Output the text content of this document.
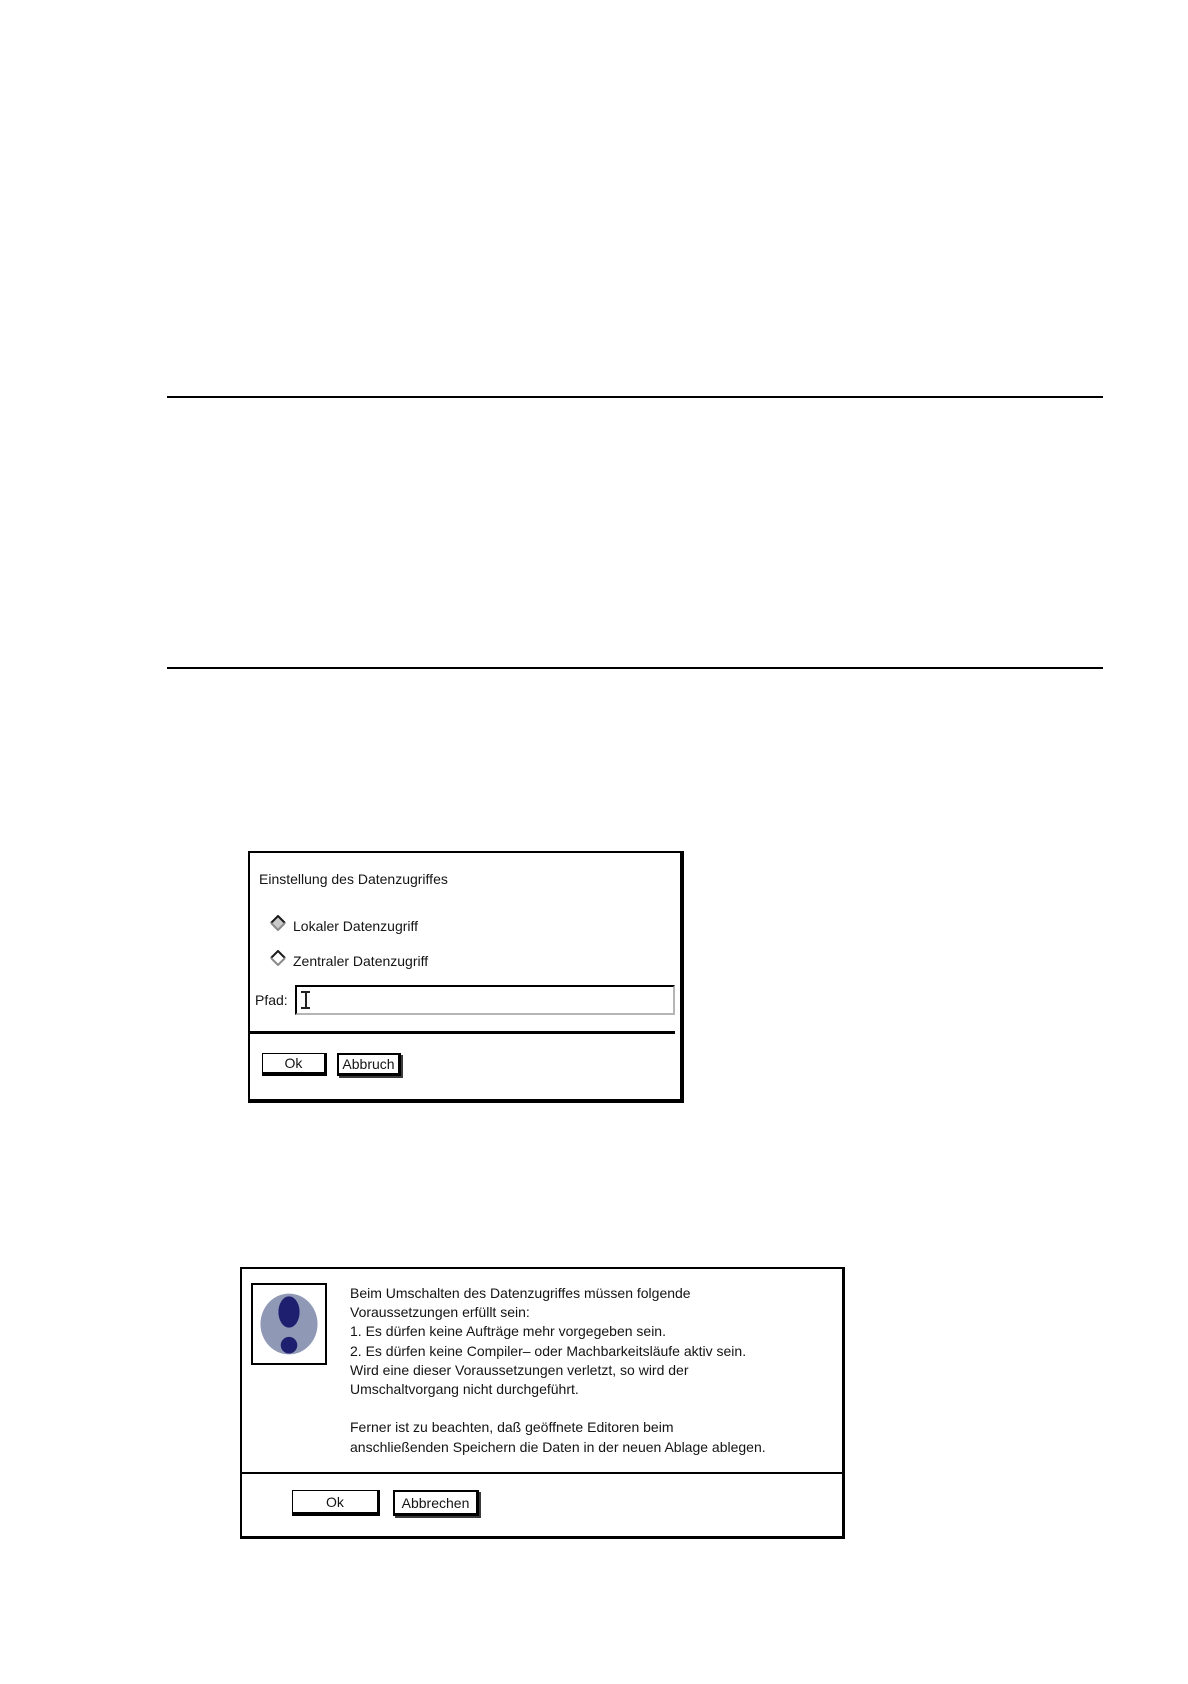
Einstellung des Datenzugriffes
Lokaler Datenzugriff
Zentraler Datenzugriff
Pfad:
Ok	Abbruch
Beim Umschalten des Datenzugriffes müssen folgende
Voraussetzungen erfüllt sein:
1. Es dürfen keine Aufträge mehr vorgegeben sein.
2. Es dürfen keine Compiler– oder Machbarkeitsläufe aktiv sein.
Wird eine dieser Voraussetzungen verletzt, so wird der
Umschaltvorgang nicht durchgeführt.
Ferner ist zu beachten, daß geöffnete Editoren beim
anschließenden Speichern die Daten in der neuen Ablage ablegen.
Ok	Abbrechen
